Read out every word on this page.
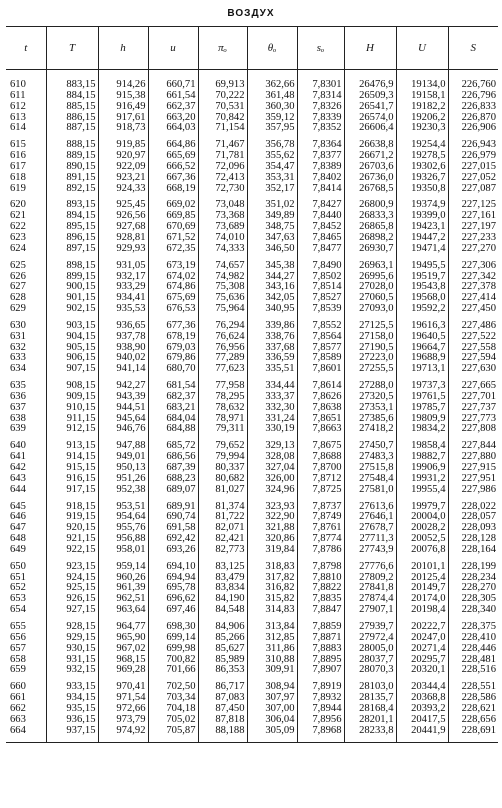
ВОЗДУХ
t	T	h	u	πₒ	θₒ	sₒ	H	U	S

610	883,15	914,26	660,71	69,913	362,66	7,8301	26476,9	19134,0	226,760
611	884,15	915,38	661,54	70,222	361,48	7,8314	26509,3	19158,1	226,796
612	885,15	916,49	662,37	70,531	360,30	7,8326	26541,7	19182,2	226,833
613	886,15	917,61	663,20	70,842	359,12	7,8339	26574,0	19206,2	226,870
614	887,15	918,73	664,03	71,154	357,95	7,8352	26606,4	19230,3	226,906

615	888,15	919,85	664,86	71,467	356,78	7,8364	26638,8	19254,4	226,943
616	889,15	920,97	665,69	71,781	355,62	7,8377	26671,2	19278,5	226,979
617	890,15	922,09	666,52	72,096	354,47	7,8389	26703,6	19302,6	227,015
618	891,15	923,21	667,36	72,413	353,31	7,8402	26736,0	19326,7	227,052
619	892,15	924,33	668,19	72,730	352,17	7,8414	26768,5	19350,8	227,087

620	893,15	925,45	669,02	73,048	351,02	7,8427	26800,9	19374,9	227,125
621	894,15	926,56	669,85	73,368	349,89	7,8440	26833,3	19399,0	227,161
622	895,15	927,68	670,69	73,689	348,75	7,8452	26865,8	19423,1	227,197
623	896,15	928,81	671,52	74,010	347,63	7,8465	26898,2	19447,2	227,233
624	897,15	929,93	672,35	74,333	346,50	7,8477	26930,7	19471,4	227,270

625	898,15	931,05	673,19	74,657	345,38	7,8490	26963,1	19495,5	227,306
626	899,15	932,17	674,02	74,982	344,27	7,8502	26995,6	19519,7	227,342
627	900,15	933,29	674,86	75,308	343,16	7,8514	27028,0	19543,8	227,378
628	901,15	934,41	675,69	75,636	342,05	7,8527	27060,5	19568,0	227,414
629	902,15	935,53	676,53	75,964	340,95	7,8539	27093,0	19592,2	227,450

630	903,15	936,65	677,36	76,294	339,86	7,8552	27125,5	19616,3	227,486
631	904,15	937,78	678,19	76,624	338,76	7,8564	27158,0	19640,5	227,522
632	905,15	938,90	679,03	76,956	337,68	7,8577	27190,5	19664,7	227,558
633	906,15	940,02	679,86	77,289	336,59	7,8589	27223,0	19688,9	227,594
634	907,15	941,14	680,70	77,623	335,51	7,8601	27255,5	19713,1	227,630

635	908,15	942,27	681,54	77,958	334,44	7,8614	27288,0	19737,3	227,665
636	909,15	943,39	682,37	78,295	333,37	7,8626	27320,5	19761,5	227,701
637	910,15	944,51	683,21	78,632	332,30	7,8638	27353,1	19785,7	227,737
638	911,15	945,64	684,04	78,971	331,24	7,8651	27385,6	19809,9	227,773
639	912,15	946,76	684,88	79,311	330,19	7,8663	27418,2	19834,2	227,808

640	913,15	947,88	685,72	79,652	329,13	7,8675	27450,7	19858,4	227,844
641	914,15	949,01	686,56	79,994	328,08	7,8688	27483,3	19882,7	227,880
642	915,15	950,13	687,39	80,337	327,04	7,8700	27515,8	19906,9	227,915
643	916,15	951,26	688,23	80,682	326,00	7,8712	27548,4	19931,2	227,951
644	917,15	952,38	689,07	81,027	324,96	7,8725	27581,0	19955,4	227,986

645	918,15	953,51	689,91	81,374	323,93	7,8737	27613,6	19979,7	228,022
646	919,15	954,64	690,74	81,722	322,90	7,8749	27646,1	20004,0	228,057
647	920,15	955,76	691,58	82,071	321,88	7,8761	27678,7	20028,2	228,093
648	921,15	956,88	692,42	82,421	320,86	7,8774	27711,3	20052,5	228,128
649	922,15	958,01	693,26	82,773	319,84	7,8786	27743,9	20076,8	228,164

650	923,15	959,14	694,10	83,125	318,83	7,8798	27776,6	20101,1	228,199
651	924,15	960,26	694,94	83,479	317,82	7,8810	27809,2	20125,4	228,234
652	925,15	961,39	695,78	83,834	316,82	7,8822	27841,8	20149,7	228,270
653	926,15	962,51	696,62	84,190	315,82	7,8835	27874,4	20174,0	228,305
654	927,15	963,64	697,46	84,548	314,83	7,8847	27907,1	20198,4	228,340

655	928,15	964,77	698,30	84,906	313,84	7,8859	27939,7	20222,7	228,375
656	929,15	965,90	699,14	85,266	312,85	7,8871	27972,4	20247,0	228,410
657	930,15	967,02	699,98	85,627	311,86	7,8883	28005,0	20271,4	228,446
658	931,15	968,15	700,82	85,989	310,88	7,8895	28037,7	20295,7	228,481
659	932,15	969,28	701,66	86,353	309,91	7,8907	28070,3	20320,1	228,516

660	933,15	970,41	702,50	86,717	308,94	7,8919	28103,0	20344,4	228,551
661	934,15	971,54	703,34	87,083	307,97	7,8932	28135,7	20368,8	228,586
662	935,15	972,66	704,18	87,450	307,00	7,8944	28168,4	20393,2	228,621
663	936,15	973,79	705,02	87,818	306,04	7,8956	28201,1	20417,5	228,656
664	937,15	974,92	705,87	88,188	305,09	7,8968	28233,8	20441,9	228,691
